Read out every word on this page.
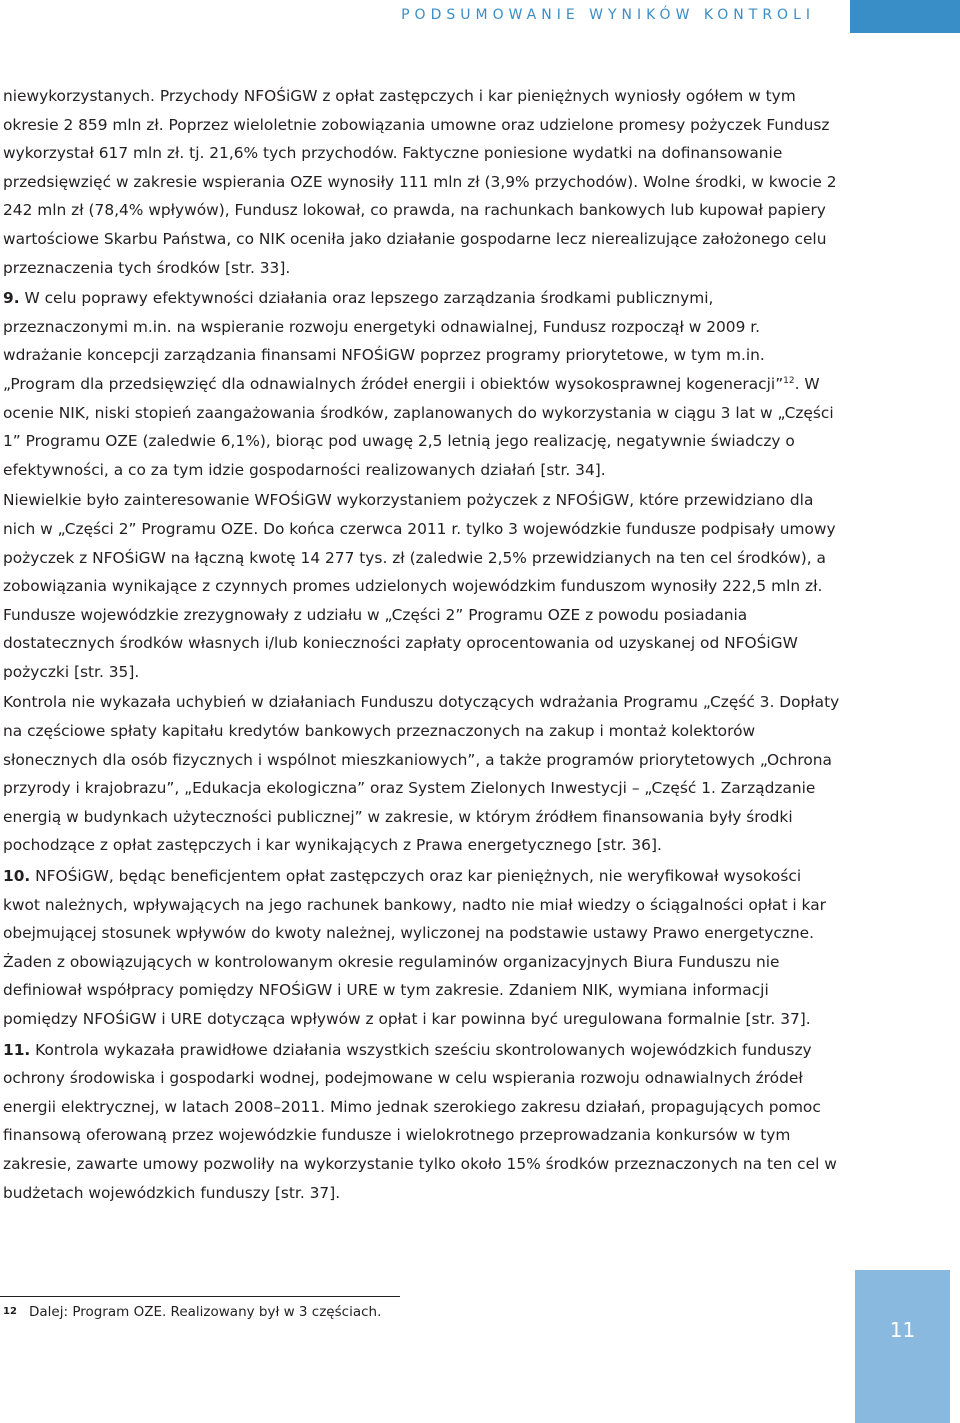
PODSUMOWANIE WYNIKÓW KONTROLI

niewykorzystanych. Przychody NFOŚiGW z opłat zastępczych i kar pieniężnych wyniosły ogółem w tym okresie 2 859 mln zł. Poprzez wieloletnie zobowiązania umowne oraz udzielone promesy pożyczek Fundusz wykorzystał 617 mln zł. tj. 21,6% tych przychodów. Faktyczne poniesione wydatki na dofinansowanie przedsięwzięć w zakresie wspierania OZE wynosiły 111 mln zł (3,9% przychodów). Wolne środki, w kwocie 2 242 mln zł (78,4% wpływów), Fundusz lokował, co prawda, na rachunkach bankowych lub kupował papiery wartościowe Skarbu Państwa, co NIK oceniła jako działanie gospodarne lecz nierealizujące założonego celu przeznaczenia tych środków [str. 33].

9. W celu poprawy efektywności działania oraz lepszego zarządzania środkami publicznymi, przeznaczonymi m.in. na wspieranie rozwoju energetyki odnawialnej, Fundusz rozpoczął w 2009 r. wdrażanie koncepcji zarządzania finansami NFOŚiGW poprzez programy priorytetowe, w tym m.in. „Program dla przedsięwzięć dla odnawialnych źródeł energii i obiektów wysokosprawnej kogeneracji”$^{12}$. W ocenie NIK, niski stopień zaangażowania środków, zaplanowanych do wykorzystania w ciągu 3 lat w „Części 1” Programu OZE (zaledwie 6,1%), biorąc pod uwagę 2,5 letnią jego realizację, negatywnie świadczy o efektywności, a co za tym idzie gospodarności realizowanych działań [str. 34].

Niewielkie było zainteresowanie WFOŚiGW wykorzystaniem pożyczek z NFOŚiGW, które przewidziano dla nich w „Części 2” Programu OZE. Do końca czerwca 2011 r. tylko 3 wojewódzkie fundusze podpisały umowy pożyczek z NFOŚiGW na łączną kwotę 14 277 tys. zł (zaledwie 2,5% przewidzianych na ten cel środków), a zobowiązania wynikające z czynnych promes udzielonych wojewódzkim funduszom wynosiły 222,5 mln zł. Fundusze wojewódzkie zrezygnowały z udziału w „Części 2” Programu OZE z powodu posiadania dostatecznych środków własnych i/lub konieczności zapłaty oprocentowania od uzyskanej od NFOŚiGW pożyczki [str. 35].

Kontrola nie wykazała uchybień w działaniach Funduszu dotyczących wdrażania Programu „Część 3. Dopłaty na częściowe spłaty kapitału kredytów bankowych przeznaczonych na zakup i montaż kolektorów słonecznych dla osób fizycznych i wspólnot mieszkaniowych”, a także programów priorytetowych „Ochrona przyrody i krajobrazu”, „Edukacja ekologiczna” oraz System Zielonych Inwestycji – „Część 1. Zarządzanie energią w budynkach użyteczności publicznej” w zakresie, w którym źródłem finansowania były środki pochodzące z opłat zastępczych i kar wynikających z Prawa energetycznego [str. 36].

10. NFOŚiGW, będąc beneficjentem opłat zastępczych oraz kar pieniężnych, nie weryfikował wysokości kwot należnych, wpływających na jego rachunek bankowy, nadto nie miał wiedzy o ściągalności opłat i kar obejmującej stosunek wpływów do kwoty należnej, wyliczonej na podstawie ustawy Prawo energetyczne. Żaden z obowiązujących w kontrolowanym okresie regulaminów organizacyjnych Biura Funduszu nie definiował współpracy pomiędzy NFOŚiGW i URE w tym zakresie. Zdaniem NIK, wymiana informacji pomiędzy NFOŚiGW i URE dotycząca wpływów z opłat i kar powinna być uregulowana formalnie [str. 37].

11. Kontrola wykazała prawidłowe działania wszystkich sześciu skontrolowanych wojewódzkich funduszy ochrony środowiska i gospodarki wodnej, podejmowane w celu wspierania rozwoju odnawialnych źródeł energii elektrycznej, w latach 2008–2011. Mimo jednak szerokiego zakresu działań, propagujących pomoc finansową oferowaną przez wojewódzkie fundusze i wielokrotnego przeprowadzania konkursów w tym zakresie, zawarte umowy pozwoliły na wykorzystanie tylko około 15% środków przeznaczonych na ten cel w budżetach wojewódzkich funduszy [str. 37].

12 Dalej: Program OZE. Realizowany był w 3 częściach.
11
